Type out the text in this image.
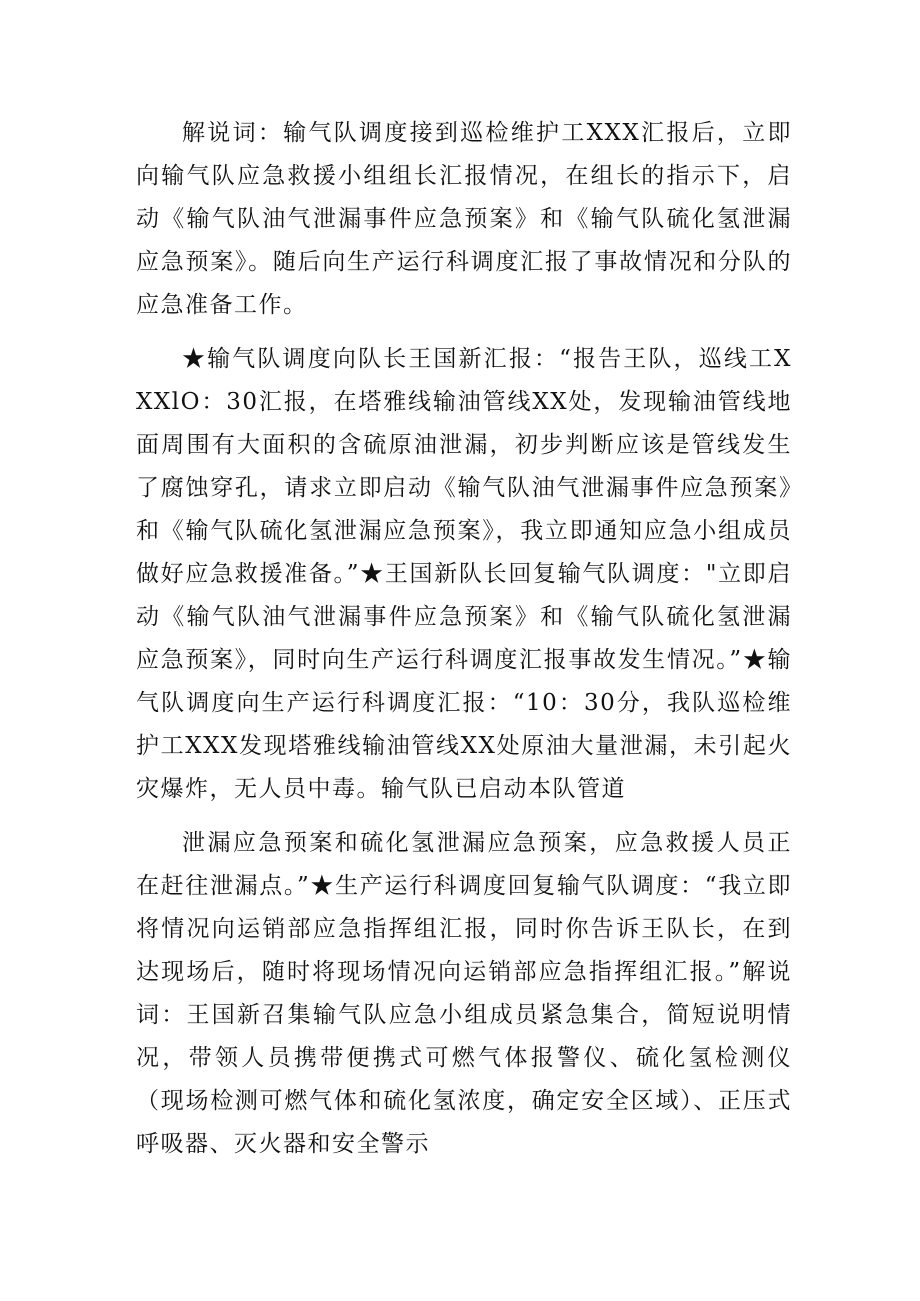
解说词：输气队调度接到巡检维护工XXX汇报后，立即向输气队应急救援小组组长汇报情况，在组长的指示下，启动《输气队油气泄漏事件应急预案》和《输气队硫化氢泄漏应急预案》。随后向生产运行科调度汇报了事故情况和分队的应急准备工作。

★输气队调度向队长王国新汇报：“报告王队，巡线工XXXlO：30汇报，在塔雅线输油管线XX处，发现输油管线地面周围有大面积的含硫原油泄漏，初步判断应该是管线发生了腐蚀穿孔，请求立即启动《输气队油气泄漏事件应急预案》和《输气队硫化氢泄漏应急预案》，我立即通知应急小组成员做好应急救援准备。”★王国新队长回复输气队调度："立即启动《输气队油气泄漏事件应急预案》和《输气队硫化氢泄漏应急预案》，同时向生产运行科调度汇报事故发生情况。”★输气队调度向生产运行科调度汇报：“10：30分，我队巡检维护工XXX发现塔雅线输油管线XX处原油大量泄漏，未引起火灾爆炸，无人员中毒。输气队已启动本队管道

泄漏应急预案和硫化氢泄漏应急预案，应急救援人员正在赶往泄漏点。”★生产运行科调度回复输气队调度：“我立即将情况向运销部应急指挥组汇报，同时你告诉王队长，在到达现场后，随时将现场情况向运销部应急指挥组汇报。”解说词：王国新召集输气队应急小组成员紧急集合，简短说明情况，带领人员携带便携式可燃气体报警仪、硫化氢检测仪（现场检测可燃气体和硫化氢浓度，确定安全区域）、正压式呼吸器、灭火器和安全警示
